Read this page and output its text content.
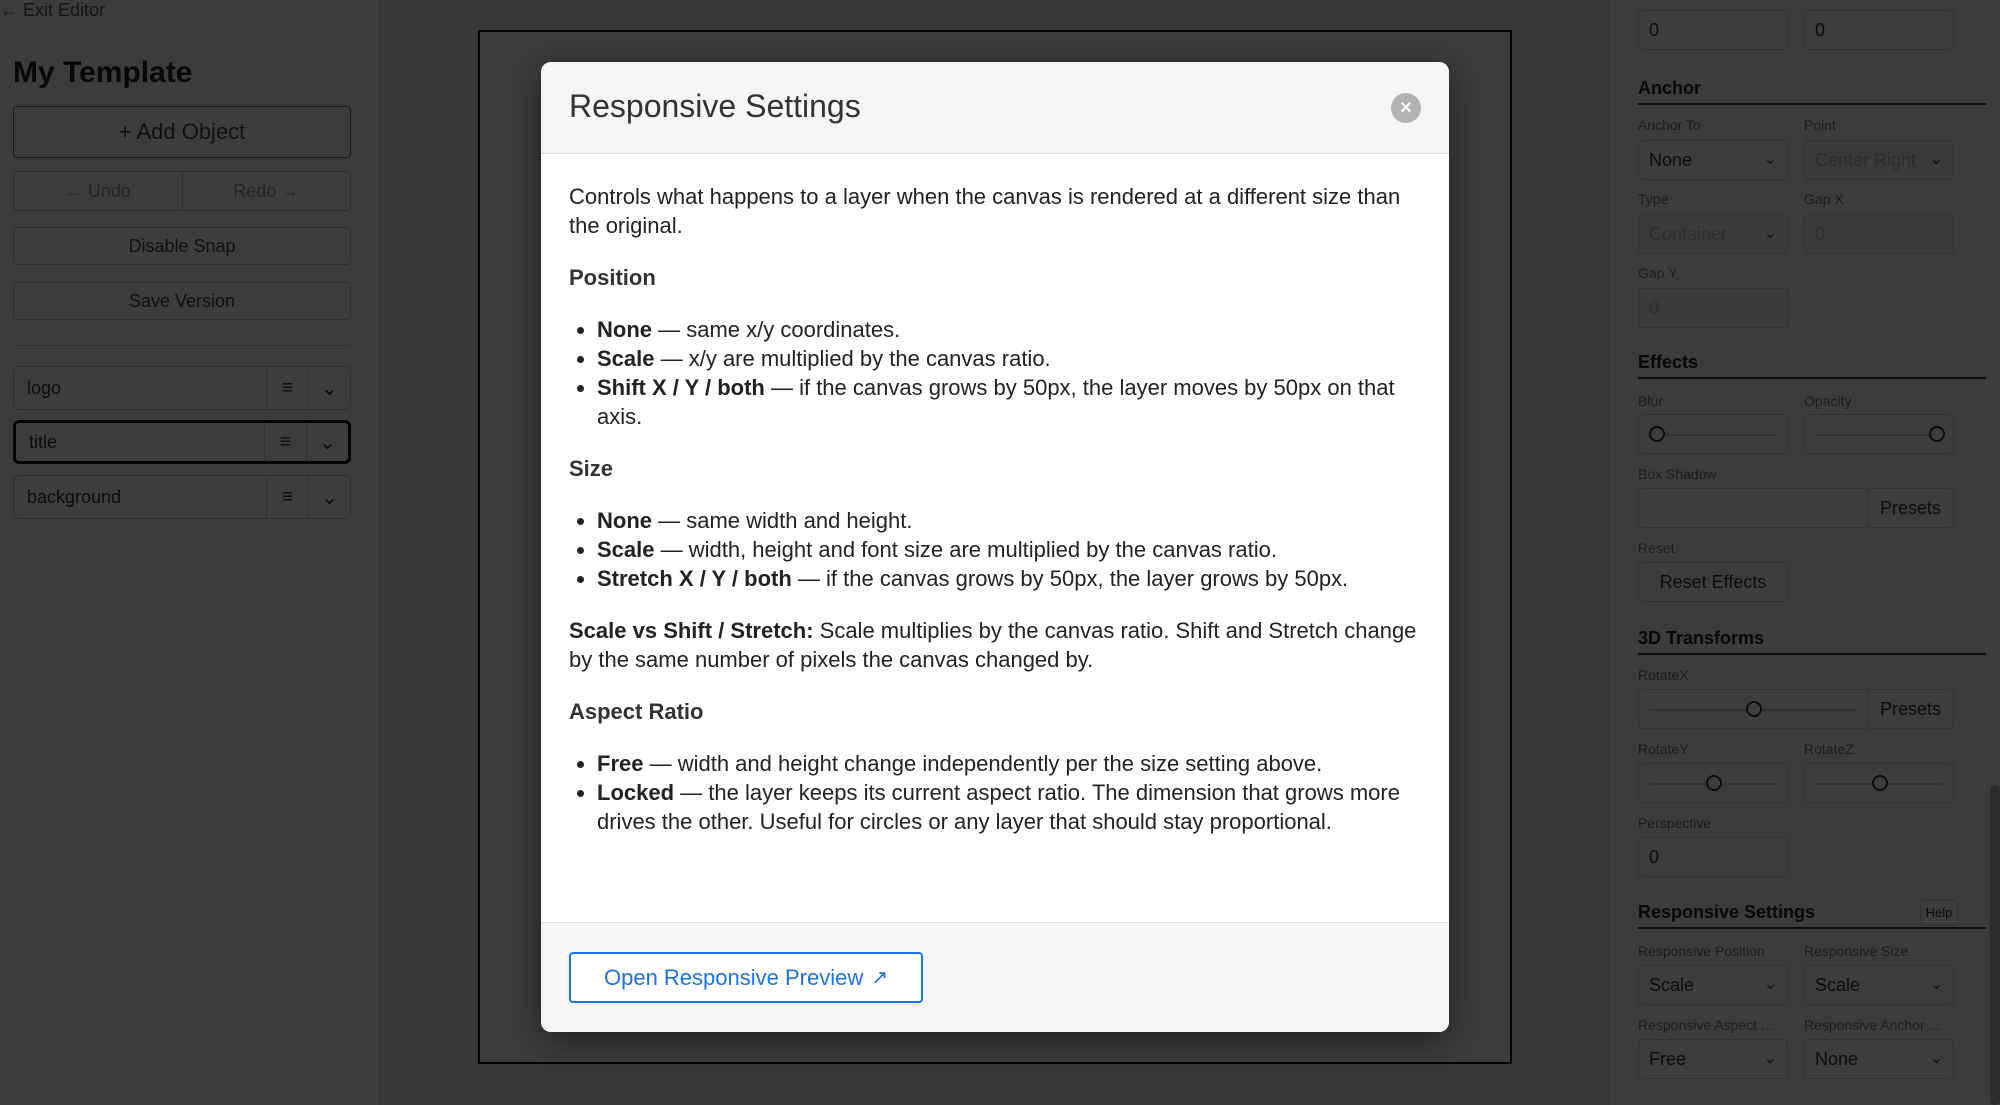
Responsive Settings	×

Controls what happens to a layer when the canvas is rendered at a different size than the original.

Position
• None — same x/y coordinates.
• Scale — x/y are multiplied by the canvas ratio.
• Shift X / Y / both — if the canvas grows by 50px, the layer moves by 50px on that axis.
Size
• None — same width and height.
• Scale — width, height and font size are multiplied by the canvas ratio.
• Stretch X / Y / both — if the canvas grows by 50px, the layer grows by 50px.

Scale vs Shift / Stretch: Scale multiplies by the canvas ratio. Shift and Stretch change by the same number of pixels the canvas changed by.

Aspect Ratio
• Free — width and height change independently per the size setting above.
• Locked — the layer keeps its current aspect ratio. The dimension that grows more drives the other. Useful for circles or any layer that should stay proportional.
Open Responsive Preview ↗
